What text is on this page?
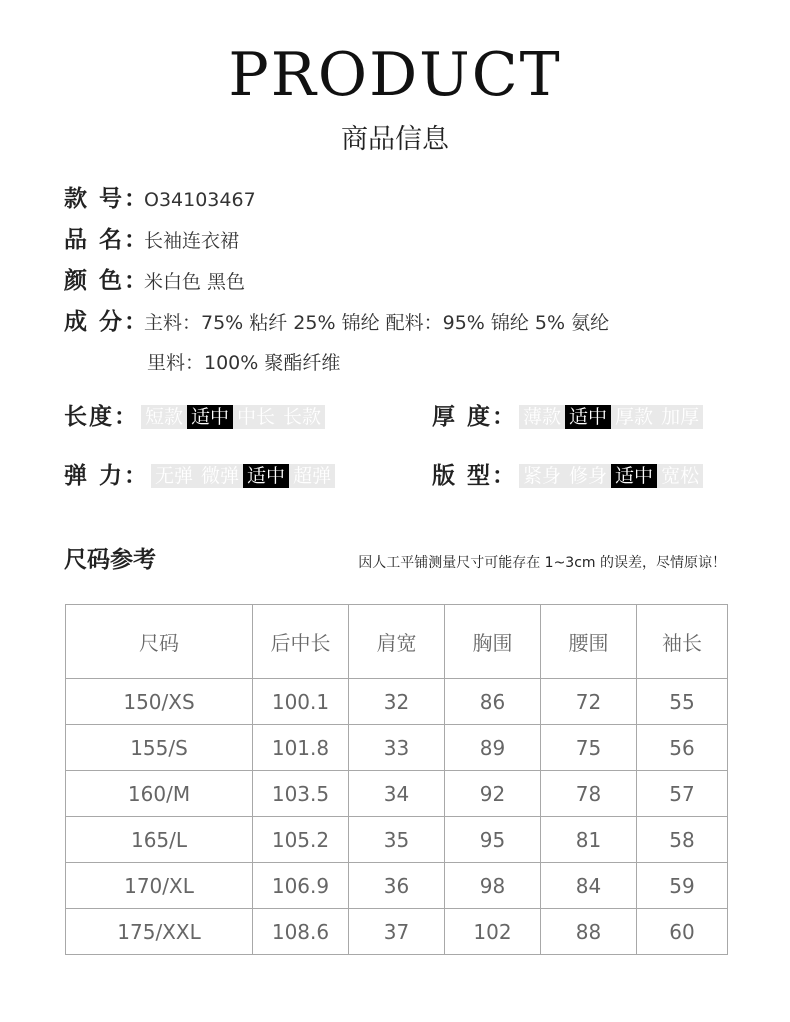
PRODUCT
商品信息
款 号：O34103467
品 名：长袖连衣裙
颜 色：米白色 黑色
成 分：主料：75% 粘纤 25% 锦纶 配料：95% 锦纶 5% 氨纶
里料：100% 聚酯纤维
长度： 短款 适中 中长 长款	厚 度： 薄款 适中 厚款 加厚
弹 力： 无弹 微弹 适中 超弹	版 型： 紧身 修身 适中 宽松
尺码参考	因人工平铺测量尺寸可能存在 1~3cm 的误差，尽情原谅！
尺码	后中长	肩宽	胸围	腰围	袖长
150/XS	100.1	32	86	72	55
155/S	101.8	33	89	75	56
160/M	103.5	34	92	78	57
165/L	105.2	35	95	81	58
170/XL	106.9	36	98	84	59
175/XXL	108.6	37	102	88	60
